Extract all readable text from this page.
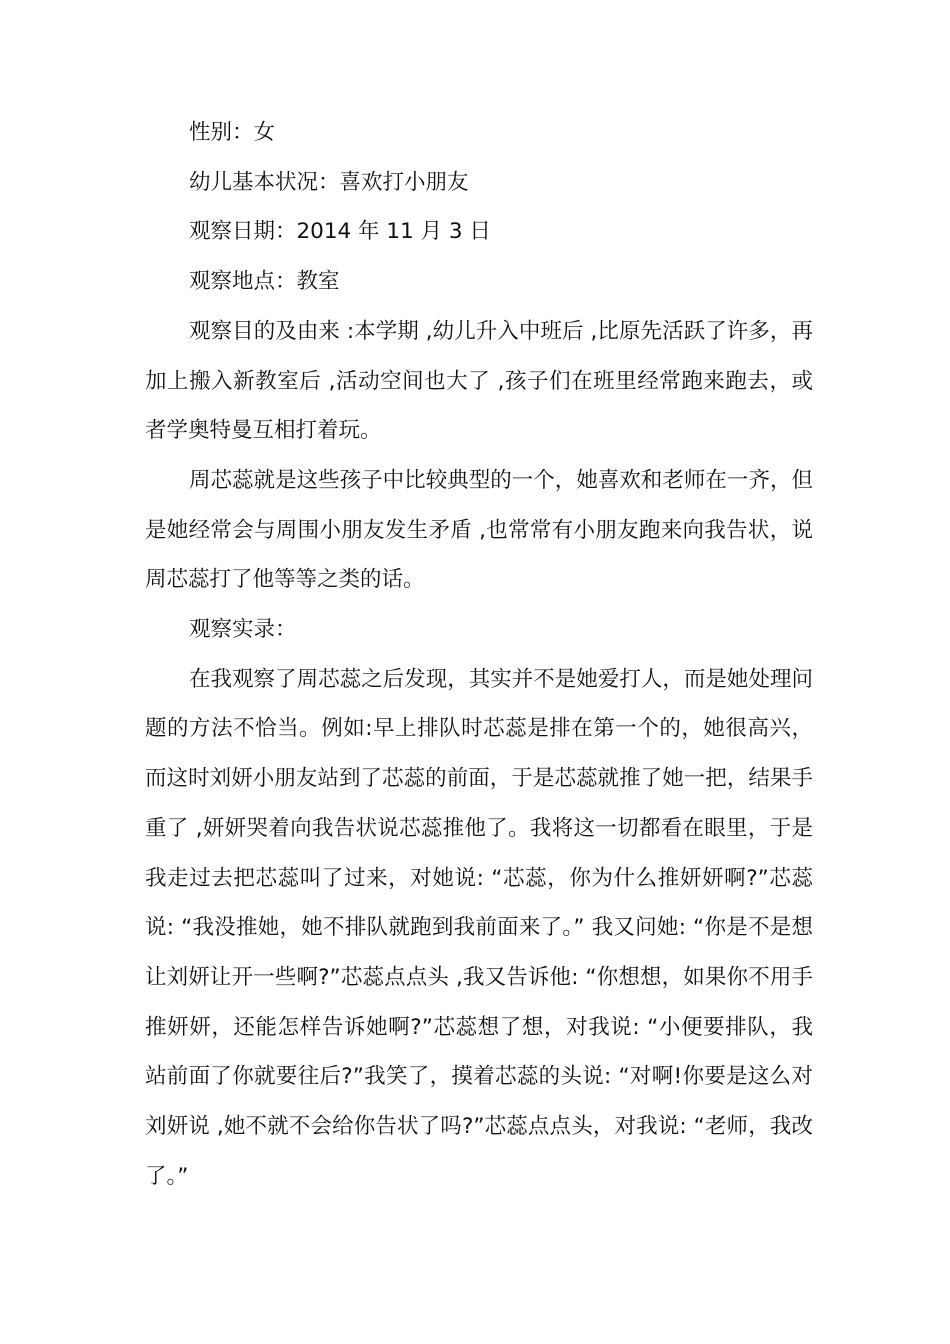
性别：女

幼儿基本状况：喜欢打小朋友

观察日期：2014 年 11 月 3 日

观察地点：教室

观察目的及由来 :本学期 ,幼儿升入中班后 ,比原先活跃了许多，再加上搬入新教室后 ,活动空间也大了 ,孩子们在班里经常跑来跑去，或者学奥特曼互相打着玩。

周芯蕊就是这些孩子中比较典型的一个，她喜欢和老师在一齐，但是她经常会与周围小朋友发生矛盾 ,也常常有小朋友跑来向我告状，说周芯蕊打了他等等之类的话。

观察实录：

在我观察了周芯蕊之后发现，其实并不是她爱打人，而是她处理问题的方法不恰当。例如:早上排队时芯蕊是排在第一个的，她很高兴，而这时刘妍小朋友站到了芯蕊的前面，于是芯蕊就推了她一把，结果手重了 ,妍妍哭着向我告状说芯蕊推他了。我将这一切都看在眼里，于是我走过去把芯蕊叫了过来，对她说: “芯蕊，你为什么推妍妍啊?”芯蕊说: “我没推她，她不排队就跑到我前面来了。” 我又问她: “你是不是想让刘妍让开一些啊?”芯蕊点点头 ,我又告诉他: “你想想，如果你不用手推妍妍，还能怎样告诉她啊?”芯蕊想了想，对我说: “小便要排队，我站前面了你就要往后?”我笑了，摸着芯蕊的头说: “对啊!你要是这么对刘妍说 ,她不就不会给你告状了吗?”芯蕊点点头，对我说: “老师，我改了。”
